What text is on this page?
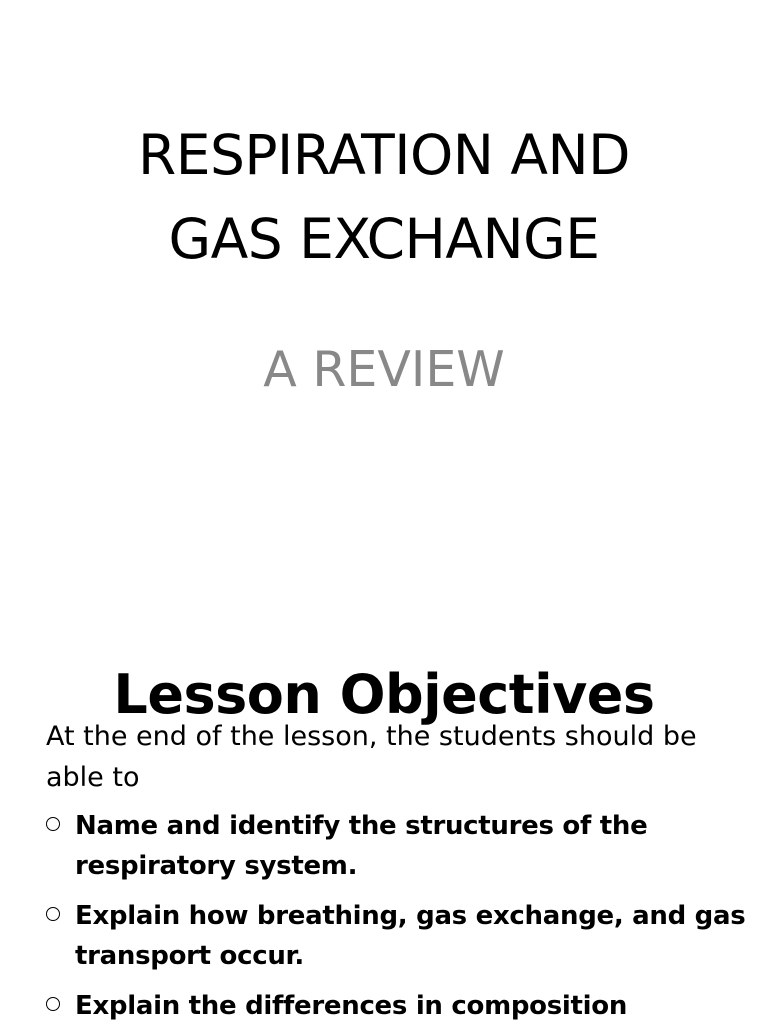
RESPIRATION AND
GAS EXCHANGE
A REVIEW
Lesson Objectives

At the end of the lesson, the students should be able to

Name and identify the structures of the respiratory system.
Explain how breathing, gas exchange, and gas transport occur.
Explain the differences in composition
